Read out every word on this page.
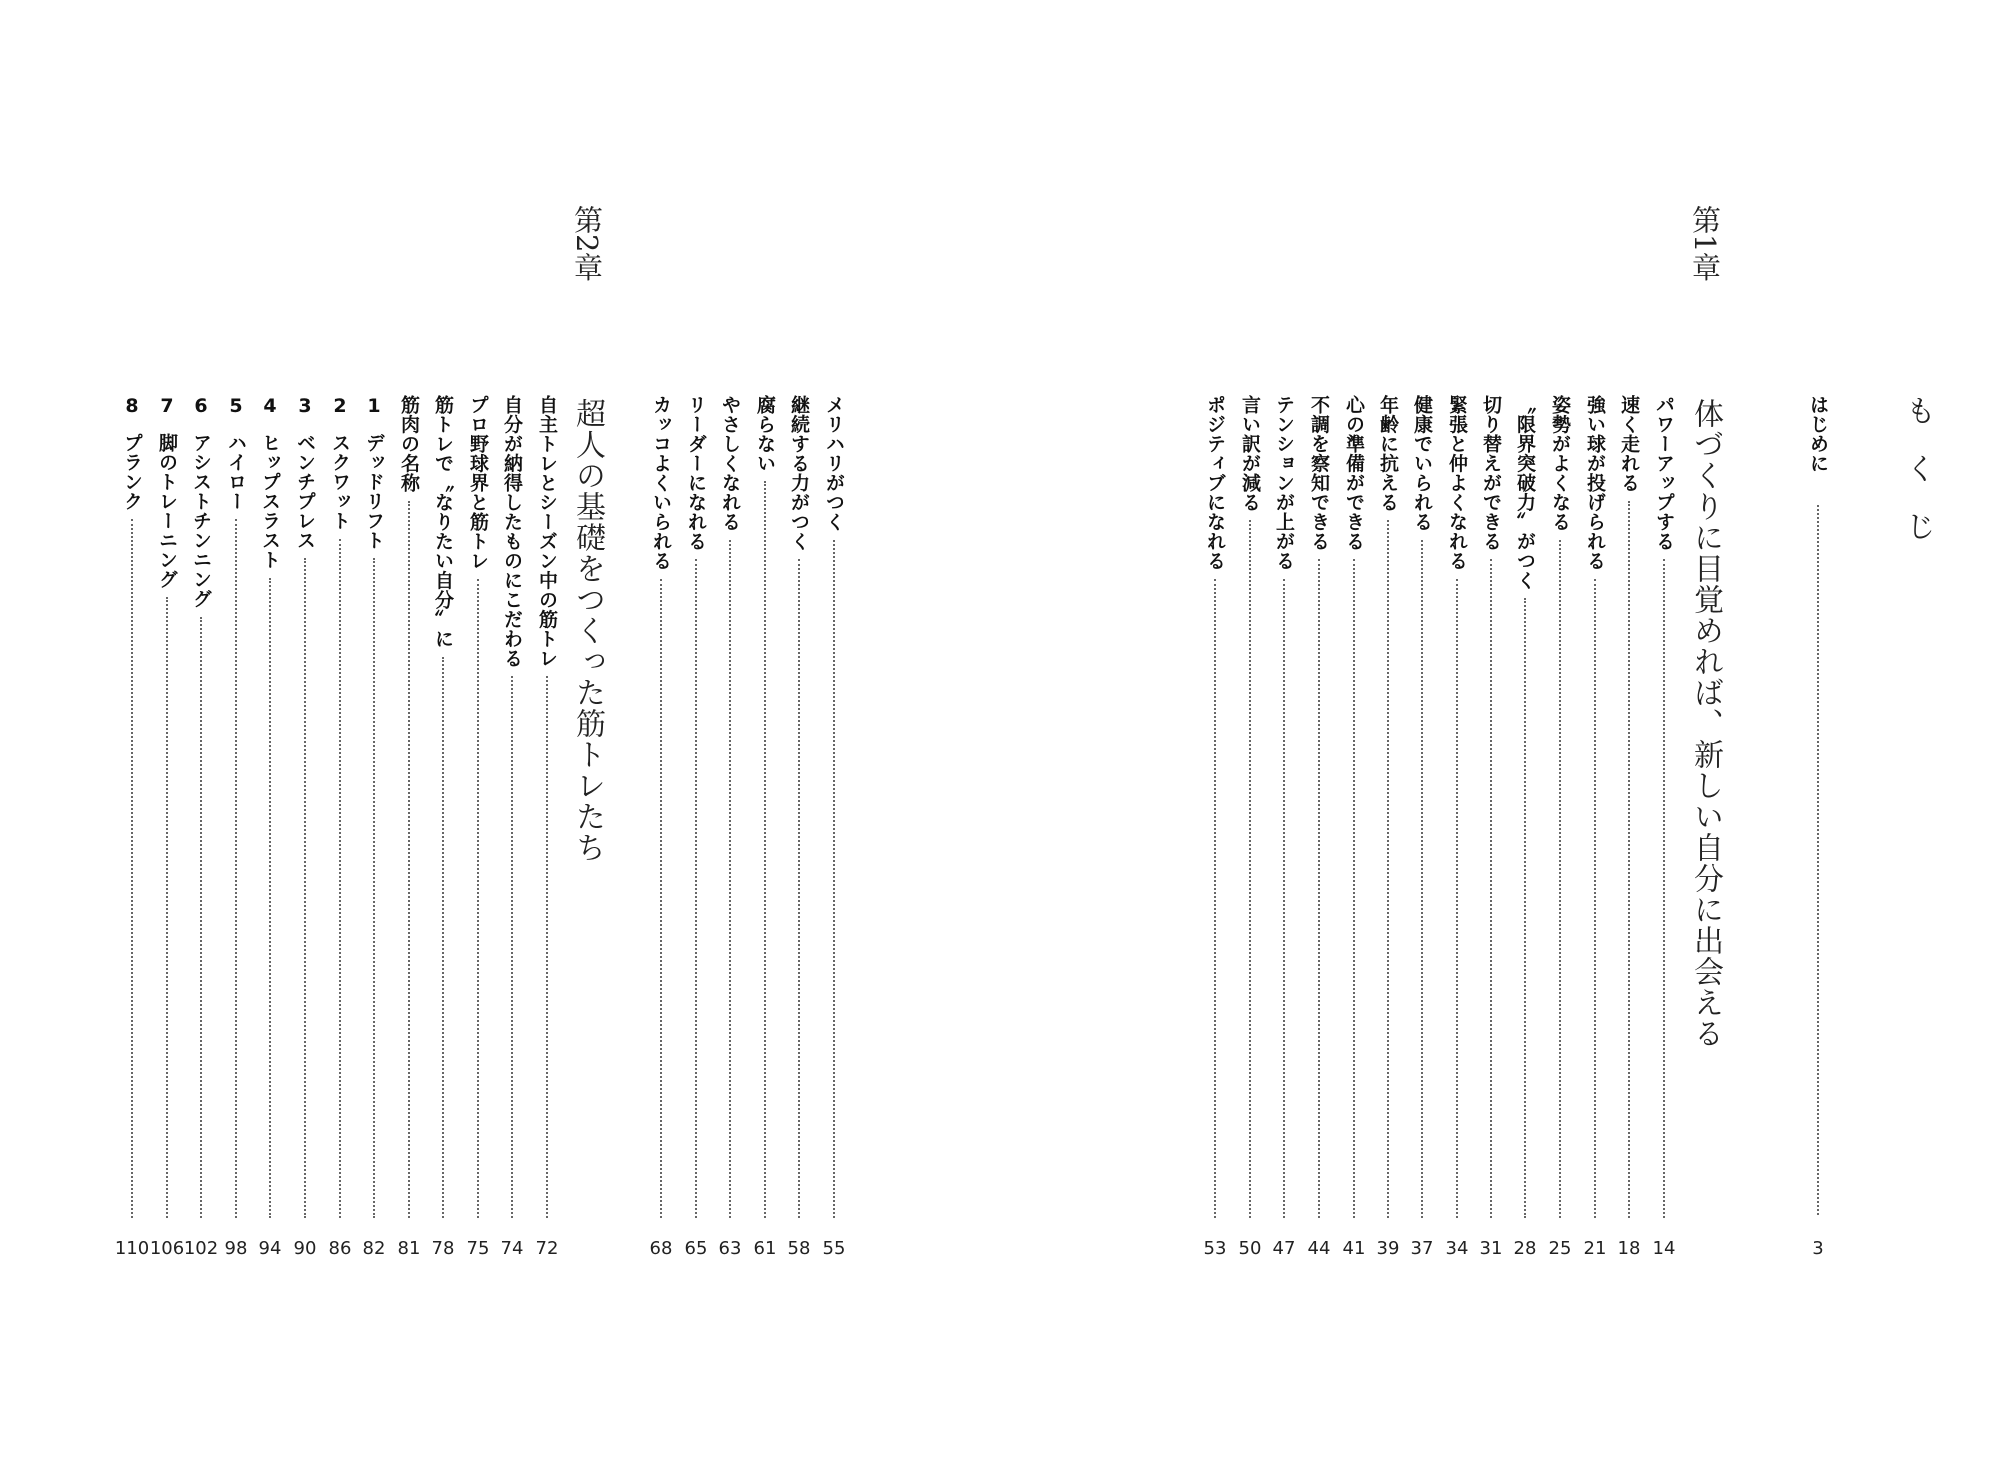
もくじ
はじめに
3
第1章
体づくりに目覚めれば、新しい自分に出会える
パワーアップする
14
速く走れる
18
強い球が投げられる
21
姿勢がよくなる
25
〝限界突破力〟がつく
28
切り替えができる
31
緊張と仲よくなれる
34
健康でいられる
37
年齢に抗える
39
心の準備ができる
41
不調を察知できる
44
テンションが上がる
47
言い訳が減る
50
ポジティブになれる
53
メリハリがつく
55
継続する力がつく
58
腐らない
61
やさしくなれる
63
リーダーになれる
65
カッコよくいられる
68
第2章
超人の基礎をつくった筋トレたち
自主トレとシーズン中の筋トレ
72
自分が納得したものにこだわる
74
プロ野球界と筋トレ
75
筋トレで〝なりたい自分〟に
78
筋肉の名称
81
1
デッドリフト
82
2
スクワット
86
3
ベンチプレス
90
4
ヒップスラスト
94
5
ハイロー
98
6
アシストチンニング
102
7
脚のトレーニング
106
8
プランク
110
